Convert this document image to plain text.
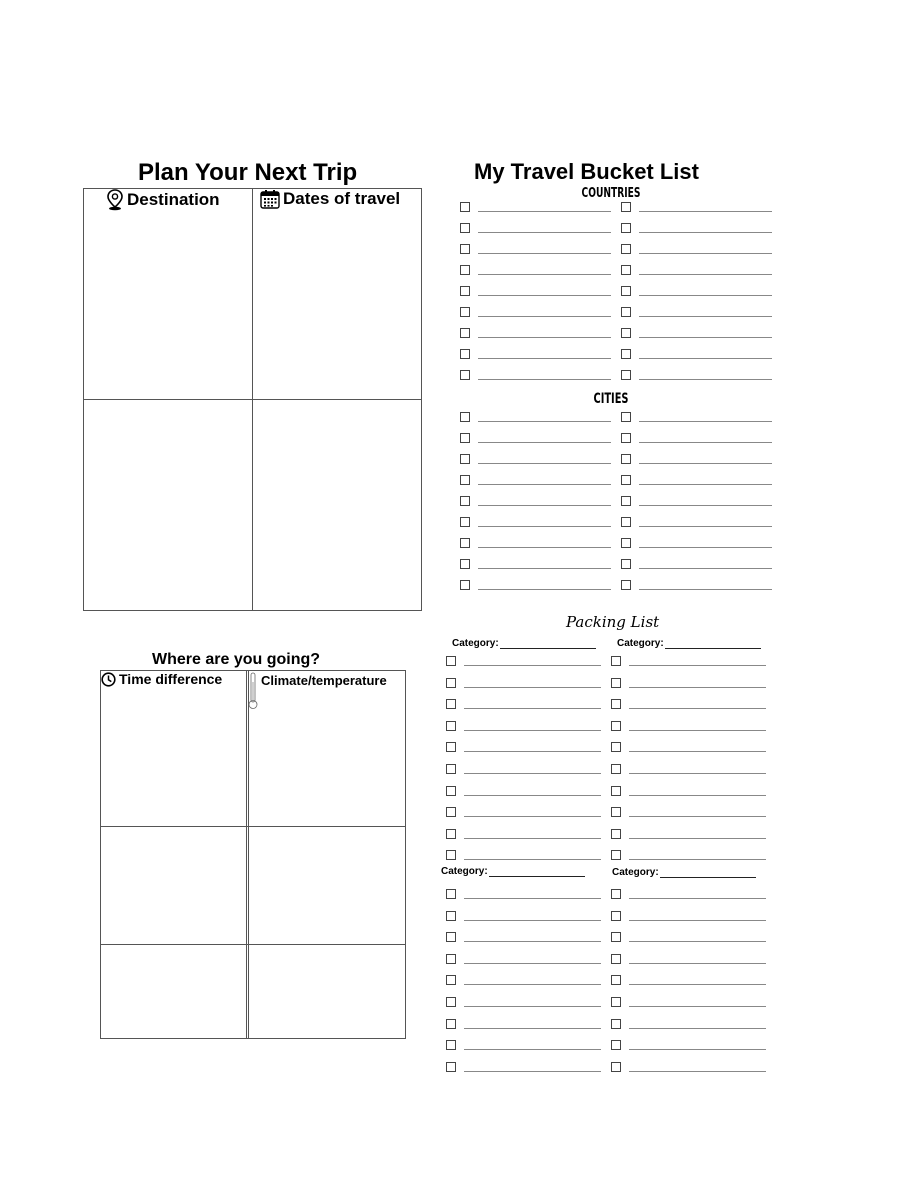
Plan Your Next Trip
Destination	Dates of travel
My Travel Bucket List
COUNTRIES
CITIES
Where are you going?
Time difference	Climate/temperature
Packing List
Category:	Category:
Category:	Category:
